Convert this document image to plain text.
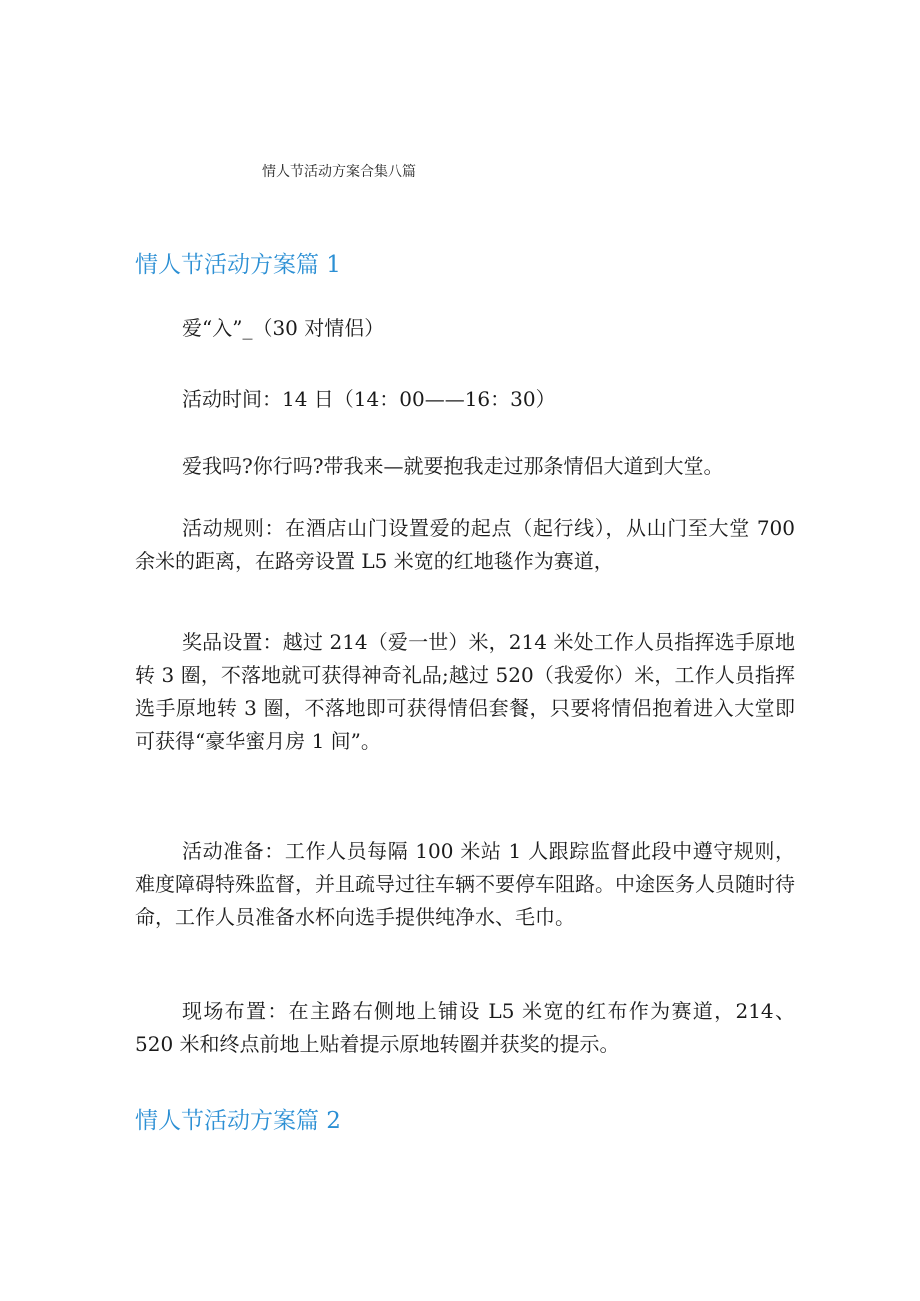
情人节活动方案合集八篇
情人节活动方案篇 1

爱“入”_（30 对情侣）

活动时间：14 日（14：00——16：30）

爱我吗?你行吗?带我来—就要抱我走过那条情侣大道到大堂。

活动规则：在酒店山门设置爱的起点（起行线），从山门至大堂 700 余米的距离，在路旁设置 L5 米宽的红地毯作为赛道，

奖品设置：越过 214（爱一世）米，214 米处工作人员指挥选手原地转 3 圈，不落地就可获得神奇礼品;越过 520（我爱你）米，工作人员指挥选手原地转 3 圈，不落地即可获得情侣套餐，只要将情侣抱着进入大堂即可获得“豪华蜜月房 1 间”。

活动准备：工作人员每隔 100 米站 1 人跟踪监督此段中遵守规则，难度障碍特殊监督，并且疏导过往车辆不要停车阻路。中途医务人员随时待命，工作人员准备水杯向选手提供纯净水、毛巾。

现场布置：在主路右侧地上铺设 L5 米宽的红布作为赛道，214、520 米和终点前地上贴着提示原地转圈并获奖的提示。

情人节活动方案篇 2
